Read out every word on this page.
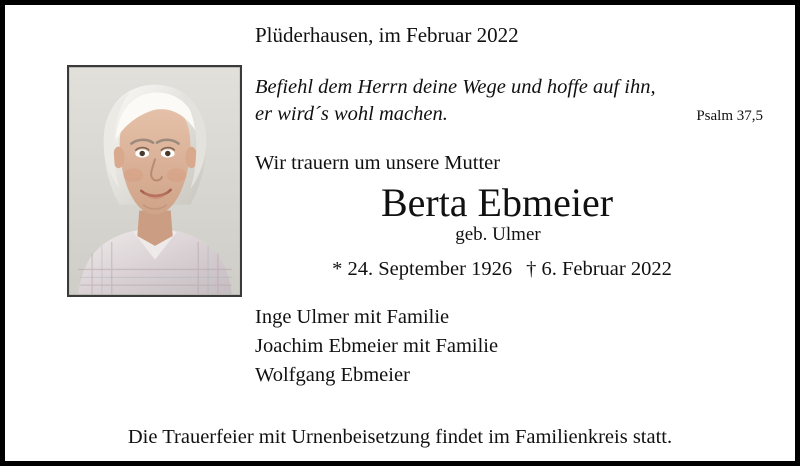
Plüderhausen, im Februar 2022
Befiehl dem Herrn deine Wege und hoffe auf ihn,
er wird´s wohl machen.	Psalm 37,5
Wir trauern um unsere Mutter
Berta Ebmeier
geb. Ulmer
* 24. September 1926 † 6. Februar 2022
Inge Ulmer mit Familie
Joachim Ebmeier mit Familie
Wolfgang Ebmeier
Die Trauerfeier mit Urnenbeisetzung findet im Familienkreis statt.
